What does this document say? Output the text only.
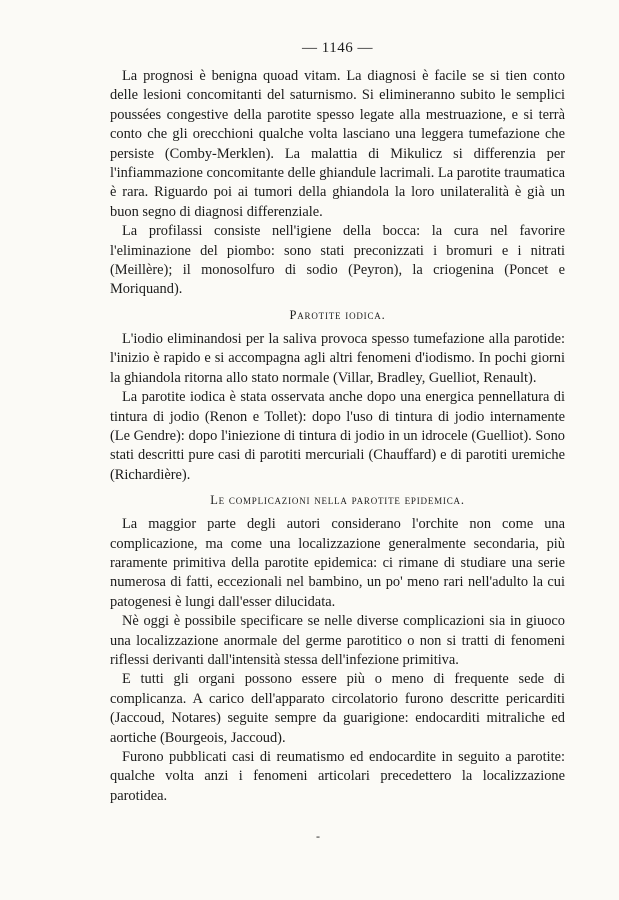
— 1146 —

La prognosi è benigna quoad vitam. La diagnosi è facile se si tien conto delle lesioni concomitanti del saturnismo. Si elimineranno subito le semplici poussées congestive della parotite spesso legate alla mestruazione, e si terrà conto che gli orecchioni qualche volta lasciano una leggera tumefazione che persiste (Comby-Merklen). La malattia di Mikulicz si differenzia per l'infiammazione concomitante delle ghiandule lacrimali. La parotite traumatica è rara. Riguardo poi ai tumori della ghiandola la loro unilateralità è già un buon segno di diagnosi differenziale.

La profilassi consiste nell'igiene della bocca: la cura nel favorire l'eliminazione del piombo: sono stati preconizzati i bromuri e i nitrati (Meillère); il monosolfuro di sodio (Peyron), la criogenina (Poncet e Moriquand).

Parotite iodica.

L'iodio eliminandosi per la saliva provoca spesso tumefazione alla parotide: l'inizio è rapido e si accompagna agli altri fenomeni d'iodismo. In pochi giorni la ghiandola ritorna allo stato normale (Villar, Bradley, Guelliot, Renault).

La parotite iodica è stata osservata anche dopo una energica pennellatura di tintura di jodio (Renon e Tollet): dopo l'uso di tintura di jodio internamente (Le Gendre): dopo l'iniezione di tintura di jodio in un idrocele (Guelliot). Sono stati descritti pure casi di parotiti mercuriali (Chauffard) e di parotiti uremiche (Richardière).

Le complicazioni nella parotite epidemica.

La maggior parte degli autori considerano l'orchite non come una complicazione, ma come una localizzazione generalmente secondaria, più raramente primitiva della parotite epidemica: ci rimane di studiare una serie numerosa di fatti, eccezionali nel bambino, un po' meno rari nell'adulto la cui patogenesi è lungi dall'esser dilucidata.

Nè oggi è possibile specificare se nelle diverse complicazioni sia in giuoco una localizzazione anormale del germe parotitico o non si tratti di fenomeni riflessi derivanti dall'intensità stessa dell'infezione primitiva.

E tutti gli organi possono essere più o meno di frequente sede di complicanza. A carico dell'apparato circolatorio furono descritte pericarditi (Jaccoud, Notares) seguite sempre da guarigione: endocarditi mitraliche ed aortiche (Bourgeois, Jaccoud).

Furono pubblicati casi di reumatismo ed endocardite in seguito a parotite: qualche volta anzi i fenomeni articolari precedettero la localizzazione parotidea.

-
